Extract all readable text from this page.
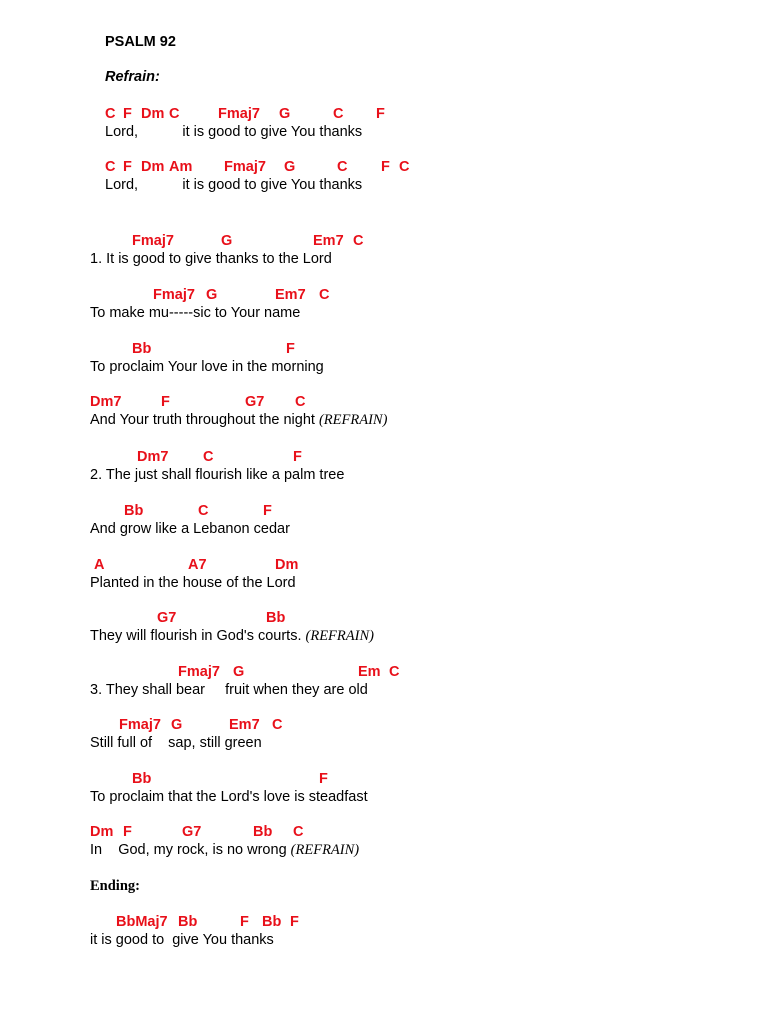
PSALM 92
Refrain:
Ending:
C F Dm C	Fmaj7 G	C F
Lord,           it is good to give You thanks
C F Dm Am Fmaj7 G	C F C
Lord,           it is good to give You thanks
Fmaj7	G	Em7 C
1. It is good to give thanks to the Lord
Fmaj7 G	Em7 C
To make mu-----sic to Your name
Bb	F
To proclaim Your love in the morning
Dm7	F	G7 C
And Your truth throughout the night (REFRAIN)
Dm7 C	F
2. The just shall flourish like a palm tree
Bb	C	F
And grow like a Lebanon cedar
A	A7	Dm
Planted in the house of the Lord
G7	Bb
They will flourish in God's courts. (REFRAIN)
Fmaj7 G	Em C
3. They shall bear     fruit when they are old
Fmaj7 G	Em7 C
Still full of    sap, still green
Bb	F
To proclaim that the Lord's love is steadfast
Dm F	G7	Bb C
In    God, my rock, is no wrong (REFRAIN)
BbMaj7 Bb	F Bb F
it is good to  give You thanks
